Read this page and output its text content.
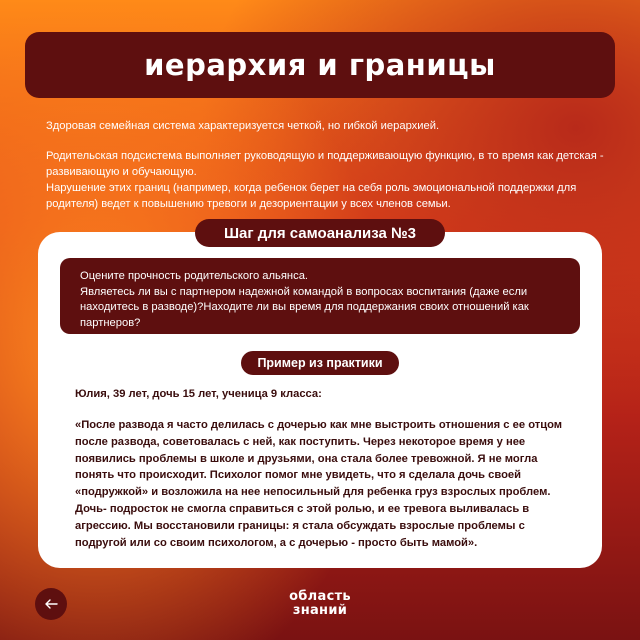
иерархия и границы

Здоровая семейная система характеризуется четкой, но гибкой иерархией.

Родительская подсистема выполняет руководящую и поддерживающую функцию, в то время как детская - развивающую и обучающую.

Нарушение этих границ (например, когда ребенок берет на себя роль эмоциональной поддержки для родителя) ведет к повышению тревоги и дезориентации у всех членов семьи.

Шаг для самоанализа №3

Оцените прочность родительского альянса.

Являетесь ли вы с партнером надежной командой в вопросах воспитания (даже если находитесь в разводе)?Находите ли вы время для поддержания своих отношений как партнеров?

Пример из практики
Юлия, 39 лет, дочь 15 лет, ученица 9 класса:
«После развода я часто делилась с дочерью как мне выстроить отношения с ее отцом после развода, советовалась с ней, как поступить. Через некоторое время у нее появились проблемы в школе и друзьями, она стала более тревожной. Я не могла понять что происходит. Психолог помог мне увидеть, что я сделала дочь своей «подружкой» и возложила на нее непосильный для ребенка груз взрослых проблем. Дочь- подросток не смогла справиться с этой ролью, и ее тревога выливалась в агрессию. Мы восстановили границы: я стала обсуждать взрослые проблемы с подругой или со своим психологом, а с дочерью - просто быть мамой».
область
знаний
